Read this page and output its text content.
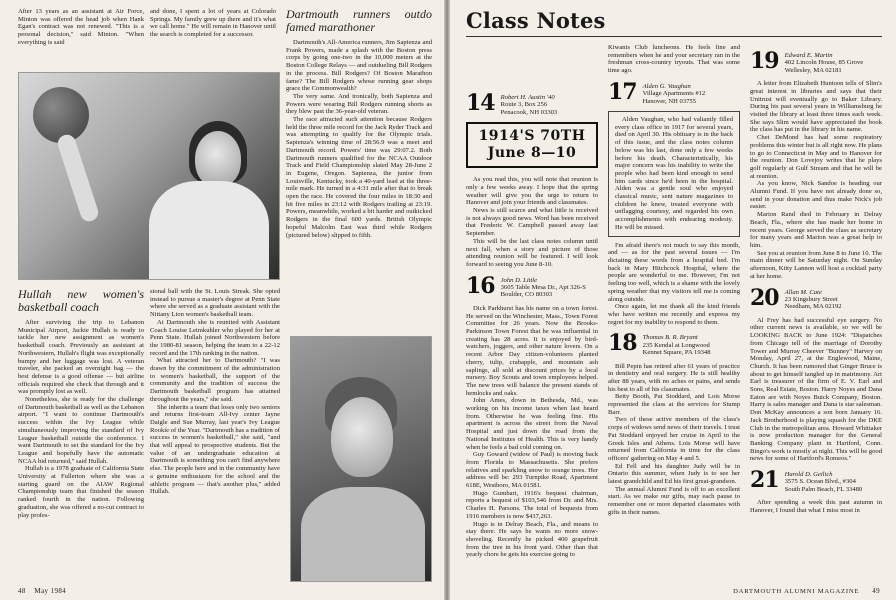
After 13 years as an assistant at Air Force, Minton was offered the head job when Hank Egan's contract was not renewed. "This is a personal decision," said Minton. "When everything is said

and done, I spent a lot of years at Colorado Springs. My family grew up there and it's what we call home." He will remain in Hanover until the search is completed for a successor.

Dartmouth runners outdo famed marathoner

Dartmouth's All-America runners, Jim Sapienza and Frank Powers, made a splash with the Boston press corps by going one-two in the 10,000 meters at the Boston College Relays — and outdueling Bill Rodgers in the process. Bill Rodgers? Of Boston Marathon fame? The Bill Rodgers whose running gear shops grace the Commonwealth?

The very same. And ironically, both Sapienza and Powers were wearing Bill Rodgers running shorts as they blew past the 36-year-old veteran.

The race attracted such attention because Rodgers held the three mile record for the Jack Ryder Track and was attempting to qualify for the Olympic trials. Sapienza's winning time of 28:56.9 was a meet and Dartmouth record. Powers' time was 29:07.2. Both Dartmouth runners qualified for the NCAA Outdoor Track and Field Championship slated May 28-June 2 in Eugene, Oregon. Sapienza, the junior from Louisville, Kentucky, took a 40-yard lead at the three-mile mark. He turned in a 4:31 mile after that to break open the race. He covered the four miles in 18:30 and hit five miles in 23:12 with Rodgers trailing at 23:19. Powers, meanwhile, worked a bit harder and outkicked Rodgers in the final 600 yards. British Olympic hopeful Malcolm East was third while Rodgers (pictured below) slipped to fifth.

Hullah new women's basketball coach

After surviving the trip to Lebanon Municipal Airport, Jackie Hullah is ready to tackle her new assignment as women's basketball coach. Previously an assistant at Northwestern, Hullah's flight was exceptionally bumpy and her luggage was lost. A veteran traveler, she packed an overnight bag — the best defense is a good offense — but airline officials required she check that through and it was promptly lost as well.

Nonetheless, she is ready for the challenge of Dartmouth basketball as well as the Lebanon airport. "I want to continue Dartmouth's success within the Ivy League while simultaneously improving the standard of Ivy League basketball outside the conference. I want Dartmouth to set the standard for the Ivy League and hopefully have the automatic NCAA bid returned," said Hullah.

Hullah is a 1978 graduate of California State University at Fullerton where she was a starting guard on the AIAW Regional Championship team that finished the season ranked fourth in the nation. Following graduation, she was offered a no-cut contract to play profes-

sional ball with the St. Louis Streak. She opted instead to pursue a master's degree at Penn State where she served as a graduate assistant with the Nittany Lion women's basketball team.

At Dartmouth she is reunited with Assistant Coach Louise Leimkuhler who played for her at Penn State. Hullah joined Northwestern before the 1980-81 season, helping the team to a 22-12 record and the 17th ranking in the nation.

What attracted her to Dartmouth? "I was drawn by the commitment of the administration to women's basketball, the support of the community and the tradition of success the Dartmouth basketball program has attained throughout the years," she said.

She inherits a team that loses only two seniors and returns first-team All-Ivy center Jayne Daigle and Sue Murray, last year's Ivy League Rookie of the Year. "Dartmouth has a tradition of success in women's basketball," she said, "and that will appeal to prospective students. But the value of an undergraduate education at Dartmouth is something you can't find anywhere else. The people here and in the community have a genuine enthusiasm for the school and the athletic program — that's another plus," added Hullah.

48 May 1984
Class Notes
14 Robert H. Austin '40
Route 3, Box 256
Penacook, NH 03303
1914'S 70TH
June 8—10

As you read this, you will note that reunion is only a few weeks away. I hope that the spring weather will give you the urge to return to Hanover and join your friends and classmates.

News is still scarce and what little is received is not always good news. Word has been received that Frederic W. Campbell passed away last September.

This will be the last class notes column until next fall, when a story and picture of those attending reunion will be featured. I will look forward to seeing you June 8-10.

16 John D. Little
3605 Table Mesa Dr., Apt 326-S
Boulder, CO 80303

Dick Parkhurst has his name on a town forest. He served on the Winchester, Mass., Town Forest Committee for 26 years. Now the Brooks-Parkinson Town Forest that he was influential in creating has 28 acres. It is enjoyed by bird-watchers, joggers, and other nature lovers. On a recent Arbor Day citizen-volunteers planted cherry, tulip, crabapple, and mountain ash saplings, all sold at discount prices by a local nursery. Boy Scouts and town employees helped. The new trees will balance the present stands of hemlocks and oaks.

John Ames, down in Bethesda, Md., was working on his income taxes when last heard from. Otherwise he was feeling fine. His apartment is across the street from the Naval Hospital and just down the road from the National Institutes of Health. This is very handy when he feels a bad cold coming on.

Guy Goward (widow of Paul) is moving back from Florida to Massachusetts. She prefers relatives and sparkling snow to orange trees. Her address will be: 293 Turnpike Road, Apartment 618E, Westboro, MA 01581.

Hugo Gumbart, 1916's bequest chairman, reports a bequest of $103,546 from Dr. and Mrs. Charles H. Parsons. The total of bequests from 1916 members is now $437,263.

Hugo is in Delray Beach, Fla., and means to stay there. He says he wants no more snow-shoveling. Recently he picked 400 grapefruit from the tree in his front yard. Other than that yearly chore he gets his exercise going to

Kiwanis Club luncheons. He feels fine and remembers when he and your secretary ran in the freshman cross-country tryouts. That was some time ago.

17 Alden G. Vaughan
Village Apartments #12
Hanover, NH 03755

Alden Vaughan, who had valiantly filled every class office in 1917 for several years, died on April 30. His obituary is in the back of this issue, and the class notes column below was his last, done only a few weeks before his death. Characteristically, his major concern was his inability to write the people who had been kind enough to send him cards since he'd been in the hospital. Alden was a gentle soul who enjoyed classical music, sent nature magazines to children he knew, treated everyone with unflagging courtesy, and regarded his own accomplishments with endearing modesty. He will be missed.

I'm afraid there's not much to say this month, and — as for the past several issues — I'm dictating these words from a hospital bed. I'm back in Mary Hitchcock Hospital, where the people are wonderful to me. However, I'm not feeling too well, which is a shame with the lovely spring weather that my visitors tell me is coming along outside.

Once again, let me thank all the kind friends who have written me recently and express my regret for my inability to respond to them.

18 Thomas B. R. Bryant
235 Kendal at Longwood
Kennet Square, PA 19348

Bill Pepin has retired after 61 years of practice in dentistry and oral surgery. He is still healthy after 88 years, with no aches or pains, and sends his best to all of his classmates.

Betty Booth, Pat Stoddard, and Lois Morse represented the class at the services for Stump Barr.

Two of these active members of the class's corps of widows send news of their travels. I trust Pat Stoddard enjoyed her cruise in April to the Greek Isles and Athens. Lois Morse will have returned from California in time for the class officers' gathering on May 4 and 5.

Ed Fell and his daughter Judy will be in Ontario this summer, when Judy is to see her latest grandchild and Ed his first great-grandson.

The annual Alumni Fund is off to an excellent start. As we make our gifts, may each pause to remember one or more departed classmates with gifts in their names.

19 Edward E. Martin
402 Lincoln House, 85 Grove
Wellesley, MA 02181

A letter from Elizabeth Huntoon tells of Slim's great interest in libraries and says that their Unitrust will eventually go to Baker Library. During his past several years in Williamsburg he visited the library at least three times each week. She says Slim would have appreciated the book the class has put in the library in his name.

Chet DeMond has had some respiratory problems this winter but is all right now. He plans to go to Connecticut in May and to Hanover for the reunion. Don Lovejoy writes that he plays golf regularly at Gulf Stream and that he will be at reunion.

As you know, Nick Sandoe is heading our Alumni Fund. If you have not already done so, send in your donation and thus make Nick's job easier.

Marion Rand died in February in Delray Beach, Fla., where she has made her home in recent years. George served the class as secretary for many years and Marion was a great help to him.

See you at reunion from June 8 to June 10. The main dinner will be Saturday night. On Sunday afternoon, Kitty Lannon will host a cocktail party at her home.

20 Allan M. Cate
23 Kingsbury Street
Needham, MA 02192

Al Frey has had successful eye surgery. No other current news is available, so we will be LOOKING BACK to June 1924: "Dispatches from Chicago tell of the marriage of Dorothy Tower and Murray Cheever "Bunney" Harvey on Monday, April 27, at the Englewood, Maine, Church. It has been rumored that Ginger Bruce is about to get himself tangled up in matrimony. Art Earl is treasurer of the firm of E. V. Earl and Sons, Real Estate, Boston. Harry Noyes and Dana Eaton are with Noyes Buick Company, Boston. Harry is sales manager and Dana is star salesman. Don McKay announces a son born January 16. Jack Brotherhood is playing squash for the DKE Club in the metropolitan area. Howard Whittaker is now production manager for the General Banking Company plant in Hartford, Conn. Bingo's work is mostly at night. This will be good news for some of Hartford's Romeos."

21 Harold D. Geilich
3575 S. Ocean Blvd., #304
South Palm Beach, FL 33480

After spending a week this past autumn in Hanover, I found that what I miss most in

DARTMOUTH ALUMNI MAGAZINE 49
